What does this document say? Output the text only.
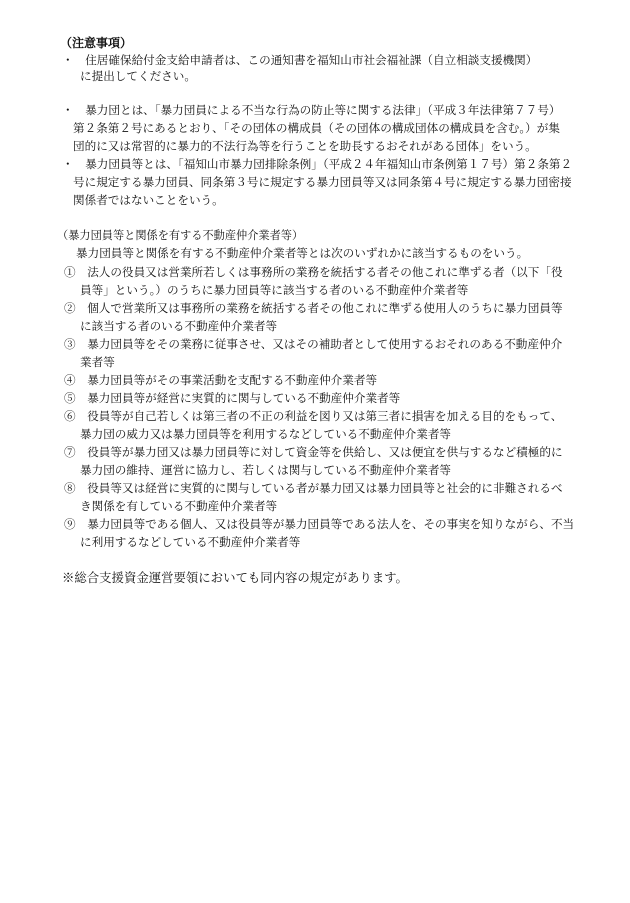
（注意事項）
・　住居確保給付金支給申請者は、この通知書を福知山市社会福祉課（自立相談支援機関）
に提出してください。
・　暴力団とは、「暴力団員による不当な行為の防止等に関する法律」（平成３年法律第７７号）
第２条第２号にあるとおり、「その団体の構成員（その団体の構成団体の構成員を含む。）が集
団的に又は常習的に暴力的不法行為等を行うことを助長するおそれがある団体」をいう。
・　暴力団員等とは、「福知山市暴力団排除条例」（平成２４年福知山市条例第１７号）第２条第２
号に規定する暴力団員、同条第３号に規定する暴力団員等又は同条第４号に規定する暴力団密接
関係者ではないことをいう。
（暴力団員等と関係を有する不動産仲介業者等）
暴力団員等と関係を有する不動産仲介業者等とは次のいずれかに該当するものをいう。
①　法人の役員又は営業所若しくは事務所の業務を統括する者その他これに準ずる者（以下「役
員等」という。）のうちに暴力団員等に該当する者のいる不動産仲介業者等
②　個人で営業所又は事務所の業務を統括する者その他これに準ずる使用人のうちに暴力団員等
に該当する者のいる不動産仲介業者等
③　暴力団員等をその業務に従事させ、又はその補助者として使用するおそれのある不動産仲介
業者等
④　暴力団員等がその事業活動を支配する不動産仲介業者等
⑤　暴力団員等が経営に実質的に関与している不動産仲介業者等
⑥　役員等が自己若しくは第三者の不正の利益を図り又は第三者に損害を加える目的をもって、
暴力団の威力又は暴力団員等を利用するなどしている不動産仲介業者等
⑦　役員等が暴力団又は暴力団員等に対して資金等を供給し、又は便宜を供与するなど積極的に
暴力団の維持、運営に協力し、若しくは関与している不動産仲介業者等
⑧　役員等又は経営に実質的に関与している者が暴力団又は暴力団員等と社会的に非難されるべ
き関係を有している不動産仲介業者等
⑨　暴力団員等である個人、又は役員等が暴力団員等である法人を、その事実を知りながら、不当
に利用するなどしている不動産仲介業者等
※総合支援資金運営要領においても同内容の規定があります。
